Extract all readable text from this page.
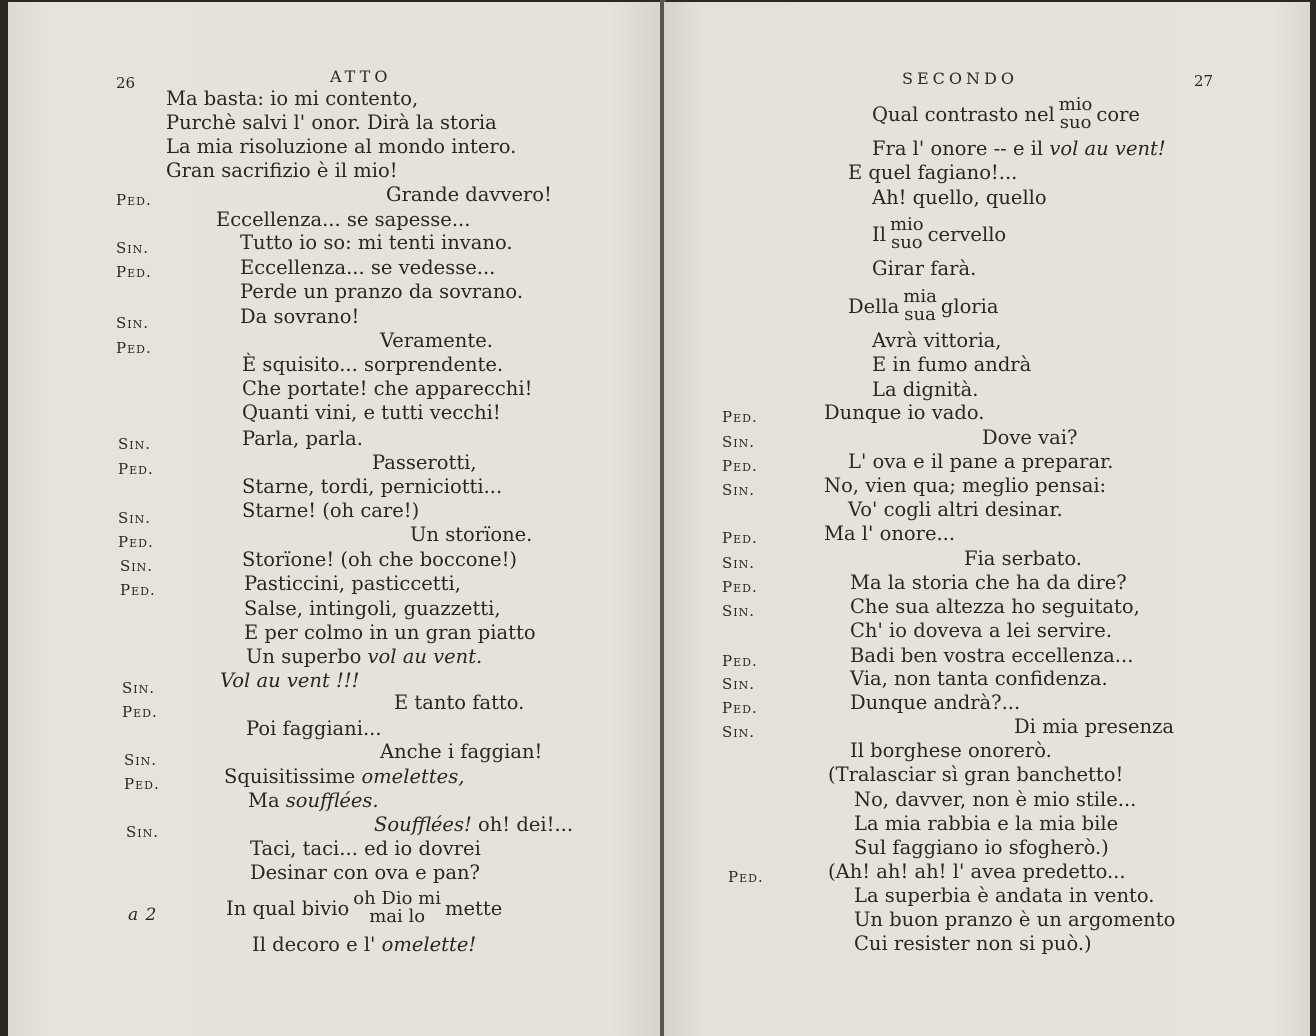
26	ATTO
Ma basta: io mi contento,
Purchè salvi l' onor. Dirà la storia
La mia risoluzione al mondo intero.
Gran sacrifizio è il mio!
Ped.	Grande davvero!
Eccellenza... se sapesse...
Sin.	Tutto io so: mi tenti invano.
Ped.	Eccellenza... se vedesse...
Perde un pranzo da sovrano.
Sin.	Da sovrano!
Ped.	Veramente.
È squisito... sorprendente.
Che portate! che apparecchi!
Quanti vini, e tutti vecchi!
Sin.	Parla, parla.
Ped.	Passerotti,
Starne, tordi, perniciotti...
Sin.	Starne! (oh care!)
Ped.	Un storïone.
Sin.	Storïone! (oh che boccone!)
Ped.	Pasticcini, pasticcetti,
Salse, intingoli, guazzetti,
E per colmo in un gran piatto
Un superbo vol au vent.
Sin.	Vol au vent !!!
Ped.	E tanto fatto.
Poi faggiani...
Sin.	Anche i faggian!
Ped.	Squisitissime omelettes,
Ma soufflées.
Sin.	Soufflées! oh! dei!...
Taci, taci... ed io dovrei
Desinar con ova e pan?
a 2	In qual bivio oh Dio mi
mai lo mette
Il decoro e l' omelette!
SECONDO	27
Qual contrasto nel mio
suo core
Fra l' onore -- e il vol au vent!
E quel fagiano!...
Ah! quello, quello
Il mio
suo cervello
Girar farà.
Della mia
sua gloria
Avrà vittoria,
E in fumo andrà
La dignità.
Ped.	Dunque io vado.
Sin.	Dove vai?
Ped.	L' ova e il pane a preparar.
Sin.	No, vien qua; meglio pensai:
Vo' cogli altri desinar.
Ped.	Ma l' onore...
Sin.	Fia serbato.
Ped.	Ma la storia che ha da dire?
Sin.	Che sua altezza ho seguitato,
Ch' io doveva a lei servire.
Ped.	Badi ben vostra eccellenza...
Sin.	Via, non tanta confidenza.
Ped.	Dunque andrà?...
Sin.	Di mia presenza
Il borghese onorerò.
(Tralasciar sì gran banchetto!
No, davver, non è mio stile...
La mia rabbia e la mia bile
Sul faggiano io sfogherò.)
Ped.	(Ah! ah! ah! l' avea predetto...
La superbia è andata in vento.
Un buon pranzo è un argomento
Cui resister non si può.)
